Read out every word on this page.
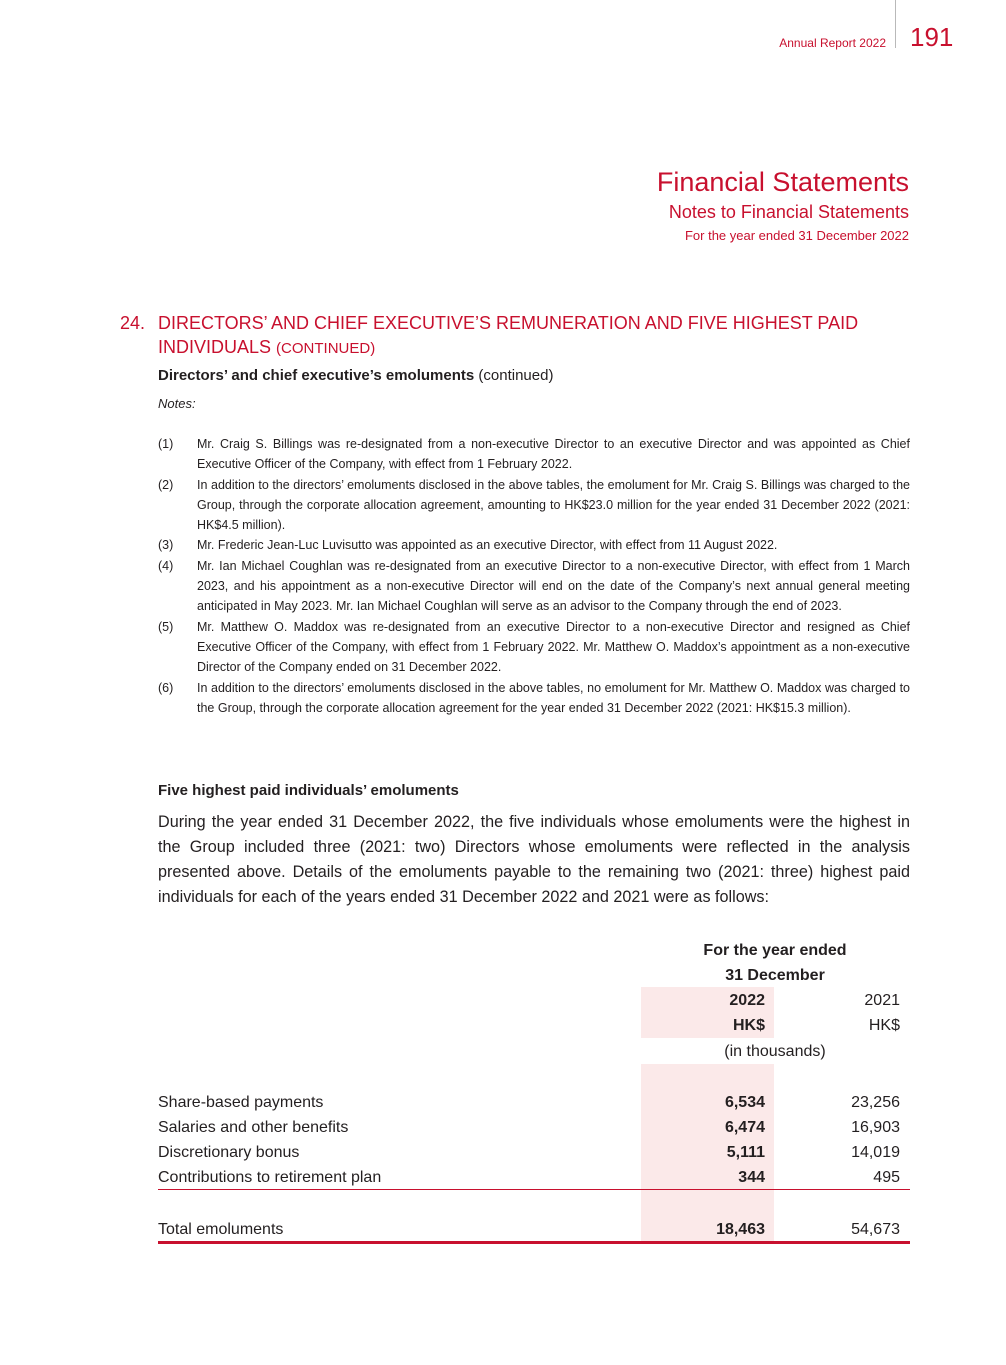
Annual Report 2022 191
Financial Statements
Notes to Financial Statements
For the year ended 31 December 2022
24. DIRECTORS’ AND CHIEF EXECUTIVE’S REMUNERATION AND FIVE HIGHEST PAID INDIVIDUALS (CONTINUED)
Directors’ and chief executive’s emoluments (continued)
Notes:
(1) Mr. Craig S. Billings was re-designated from a non-executive Director to an executive Director and was appointed as Chief Executive Officer of the Company, with effect from 1 February 2022.
(2) In addition to the directors’ emoluments disclosed in the above tables, the emolument for Mr. Craig S. Billings was charged to the Group, through the corporate allocation agreement, amounting to HK$23.0 million for the year ended 31 December 2022 (2021: HK$4.5 million).
(3) Mr. Frederic Jean-Luc Luvisutto was appointed as an executive Director, with effect from 11 August 2022.
(4) Mr. Ian Michael Coughlan was re-designated from an executive Director to a non-executive Director, with effect from 1 March 2023, and his appointment as a non-executive Director will end on the date of the Company’s next annual general meeting anticipated in May 2023. Mr. Ian Michael Coughlan will serve as an advisor to the Company through the end of 2023.
(5) Mr. Matthew O. Maddox was re-designated from an executive Director to a non-executive Director and resigned as Chief Executive Officer of the Company, with effect from 1 February 2022. Mr. Matthew O. Maddox’s appointment as a non-executive Director of the Company ended on 31 December 2022.
(6) In addition to the directors’ emoluments disclosed in the above tables, no emolument for Mr. Matthew O. Maddox was charged to the Group, through the corporate allocation agreement for the year ended 31 December 2022 (2021: HK$15.3 million).
Five highest paid individuals’ emoluments
During the year ended 31 December 2022, the five individuals whose emoluments were the highest in the Group included three (2021: two) Directors whose emoluments were reflected in the analysis presented above. Details of the emoluments payable to the remaining two (2021: three) highest paid individuals for each of the years ended 31 December 2022 and 2021 were as follows:
For the year ended
31 December
2022	2021
HK$	HK$
(in thousands)
Share-based payments	6,534	23,256
Salaries and other benefits	6,474	16,903
Discretionary bonus	5,111	14,019
Contributions to retirement plan	344	495
Total emoluments	18,463	54,673
